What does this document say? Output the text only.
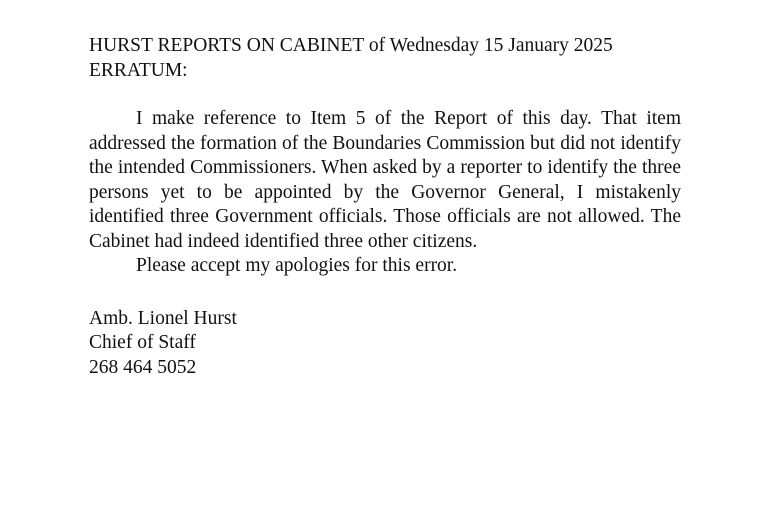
HURST REPORTS ON CABINET of Wednesday 15 January 2025

ERRATUM:

I make reference to Item 5 of the Report of this day. That item addressed the formation of the Boundaries Commission but did not identify the intended Commissioners. When asked by a reporter to identify the three persons yet to be appointed by the Governor General, I mistakenly identified three Government officials. Those officials are not allowed. The Cabinet had indeed identified three other citizens.

Please accept my apologies for this error.

Amb. Lionel Hurst

Chief of Staff

268 464 5052
